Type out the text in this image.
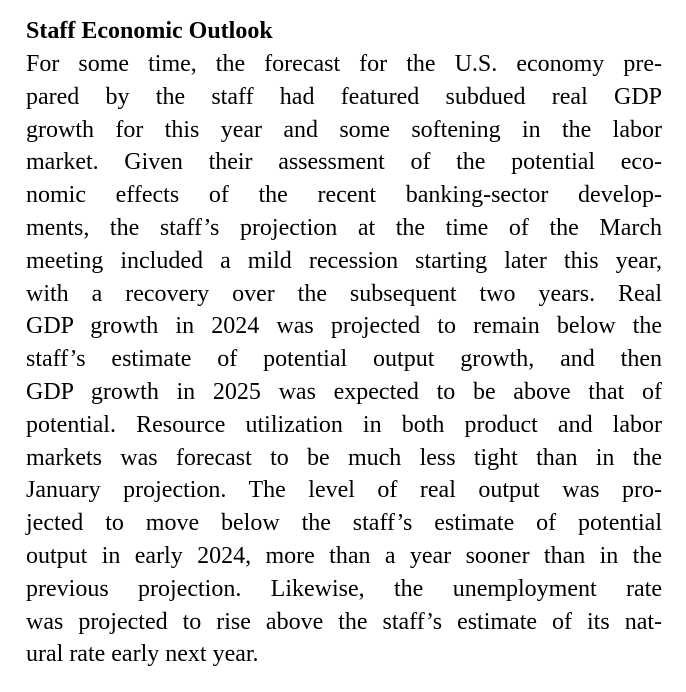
Staff Economic Outlook
For some time, the forecast for the U.S. economy pre-
pared by the staff had featured subdued real GDP
growth for this year and some softening in the labor
market. Given their assessment of the potential eco-
nomic effects of the recent banking-sector develop-
ments, the staff’s projection at the time of the March
meeting included a mild recession starting later this year,
with a recovery over the subsequent two years. Real
GDP growth in 2024 was projected to remain below the
staff’s estimate of potential output growth, and then
GDP growth in 2025 was expected to be above that of
potential. Resource utilization in both product and labor
markets was forecast to be much less tight than in the
January projection. The level of real output was pro-
jected to move below the staff’s estimate of potential
output in early 2024, more than a year sooner than in the
previous projection. Likewise, the unemployment rate
was projected to rise above the staff’s estimate of its nat-
ural rate early next year.
